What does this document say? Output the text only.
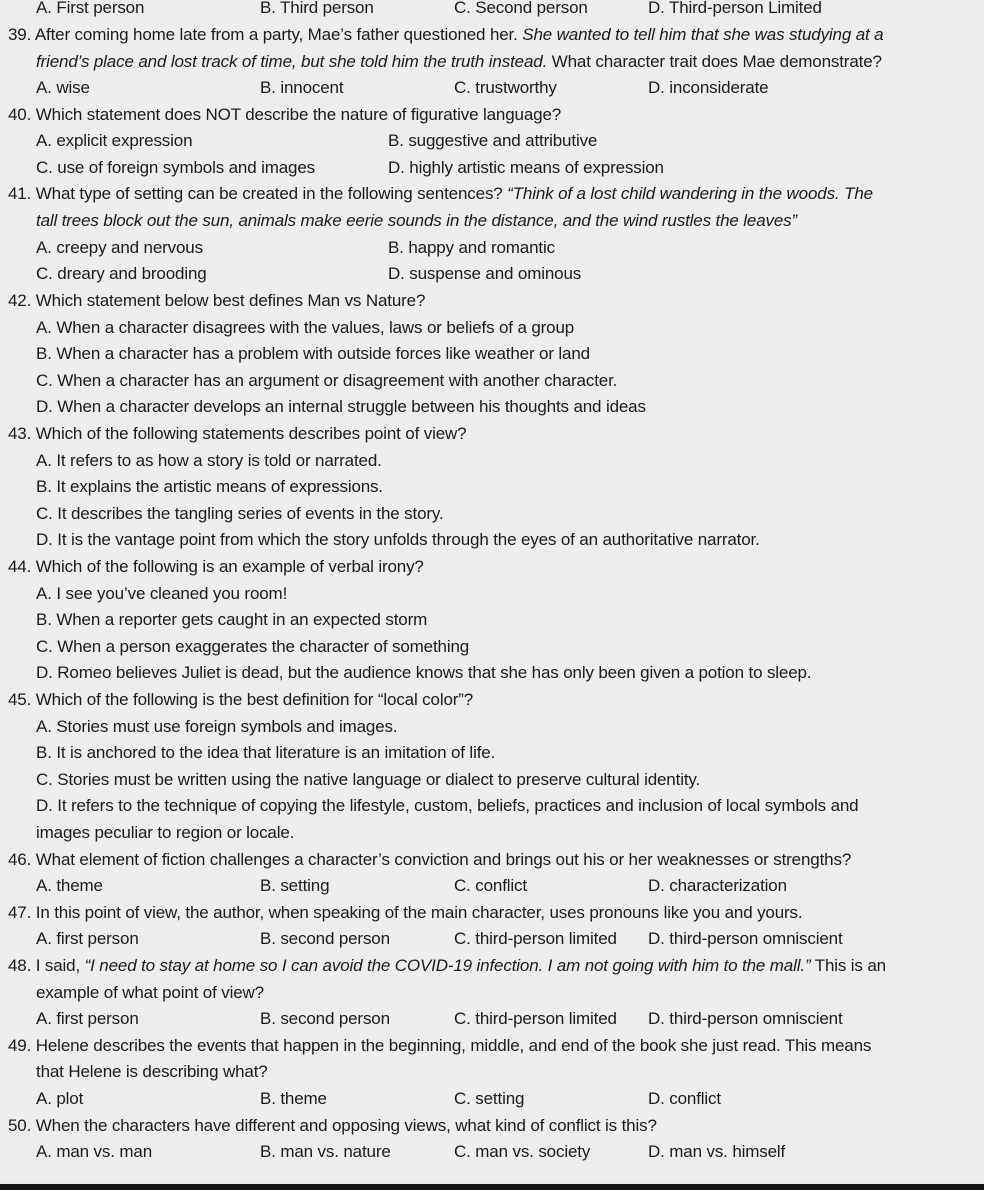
A. First person	B. Third person	C. Second person	D. Third-person Limited
39. After coming home late from a party, Mae’s father questioned her. She wanted to tell him that she was studying at a
friend’s place and lost track of time, but she told him the truth instead. What character trait does Mae demonstrate?
A. wise	B. innocent	C. trustworthy	D. inconsiderate
40. Which statement does NOT describe the nature of figurative language?
A. explicit expression	B. suggestive and attributive
C. use of foreign symbols and images	D. highly artistic means of expression
41. What type of setting can be created in the following sentences? “Think of a lost child wandering in the woods. The
tall trees block out the sun, animals make eerie sounds in the distance, and the wind rustles the leaves”
A. creepy and nervous	B. happy and romantic
C. dreary and brooding	D. suspense and ominous
42. Which statement below best defines Man vs Nature?
A. When a character disagrees with the values, laws or beliefs of a group
B. When a character has a problem with outside forces like weather or land
C. When a character has an argument or disagreement with another character.
D. When a character develops an internal struggle between his thoughts and ideas
43. Which of the following statements describes point of view?
A. It refers to as how a story is told or narrated.
B. It explains the artistic means of expressions.
C. It describes the tangling series of events in the story.
D. It is the vantage point from which the story unfolds through the eyes of an authoritative narrator.
44. Which of the following is an example of verbal irony?
A. I see you’ve cleaned you room!
B. When a reporter gets caught in an expected storm
C. When a person exaggerates the character of something
D. Romeo believes Juliet is dead, but the audience knows that she has only been given a potion to sleep.
45. Which of the following is the best definition for “local color”?
A. Stories must use foreign symbols and images.
B. It is anchored to the idea that literature is an imitation of life.
C. Stories must be written using the native language or dialect to preserve cultural identity.
D. It refers to the technique of copying the lifestyle, custom, beliefs, practices and inclusion of local symbols and
images peculiar to region or locale.
46. What element of fiction challenges a character’s conviction and brings out his or her weaknesses or strengths?
A. theme	B. setting	C. conflict	D. characterization
47. In this point of view, the author, when speaking of the main character, uses pronouns like you and yours.
A. first person	B. second person	C. third-person limited D. third-person omniscient
48. I said, “I need to stay at home so I can avoid the COVID-19 infection. I am not going with him to the mall.” This is an
example of what point of view?
A. first person	B. second person	C. third-person limited D. third-person omniscient
49. Helene describes the events that happen in the beginning, middle, and end of the book she just read. This means
that Helene is describing what?
A. plot	B. theme	C. setting	D. conflict
50. When the characters have different and opposing views, what kind of conflict is this?
A. man vs. man	B. man vs. nature	C. man vs. society	D. man vs. himself
